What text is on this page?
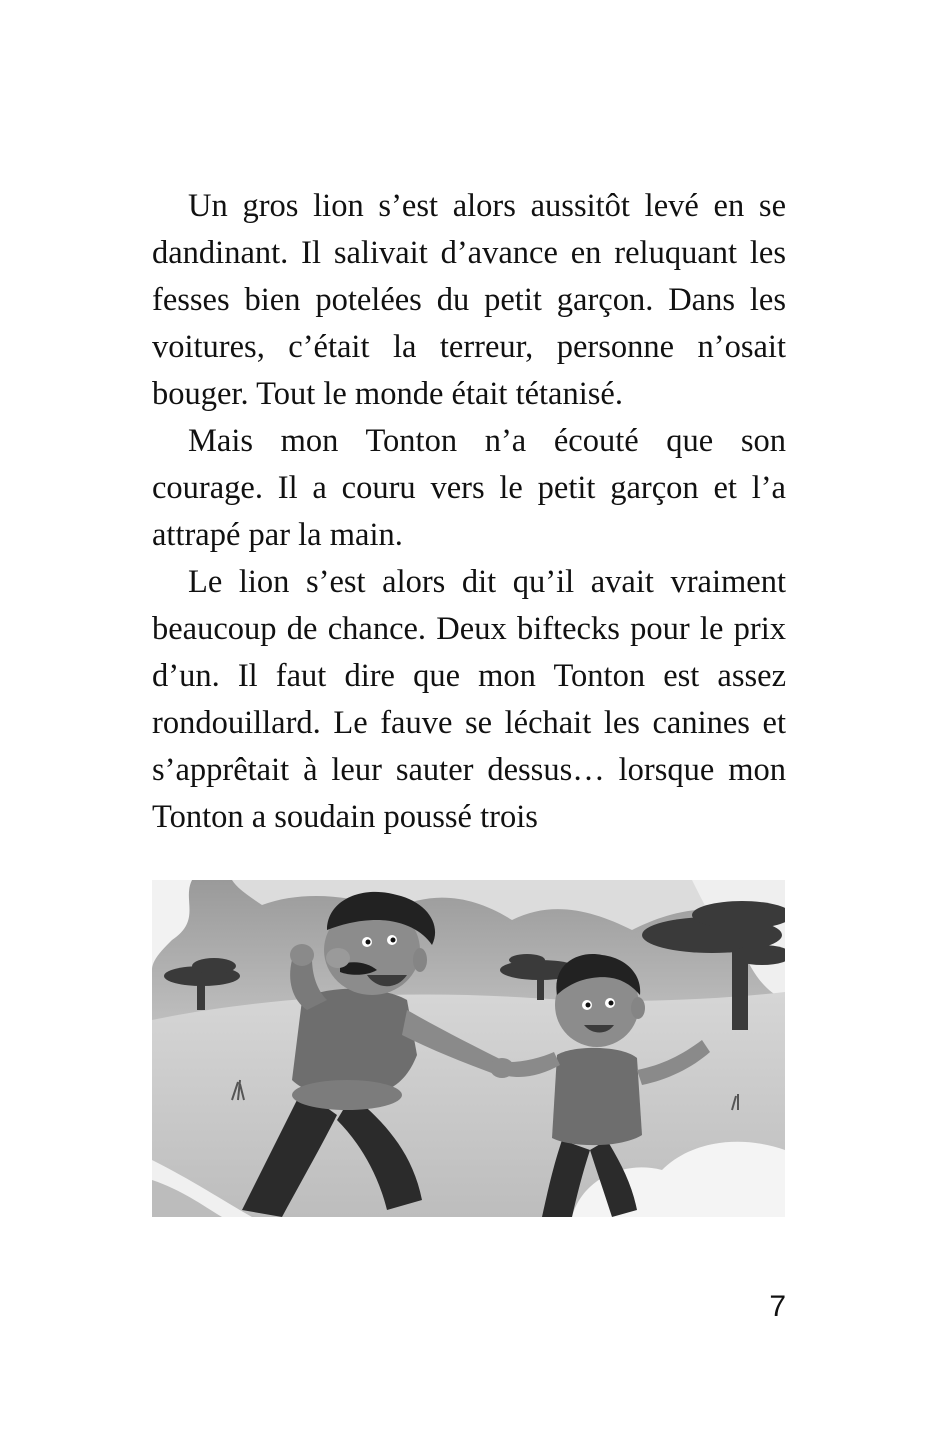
Un gros lion s’est alors aussitôt levé en se dandinant. Il salivait d’avance en reluquant les fesses bien potelées du petit garçon. Dans les voitures, c’était la terreur, personne n’osait bouger. Tout le monde était tétanisé.

Mais mon Tonton n’a écouté que son courage. Il a couru vers le petit garçon et l’a attrapé par la main.

Le lion s’est alors dit qu’il avait vraiment beaucoup de chance. Deux biftecks pour le prix d’un. Il faut dire que mon Tonton est assez rondouillard. Le fauve se léchait les canines et s’apprêtait à leur sauter dessus… lorsque mon Tonton a soudain poussé trois

7
